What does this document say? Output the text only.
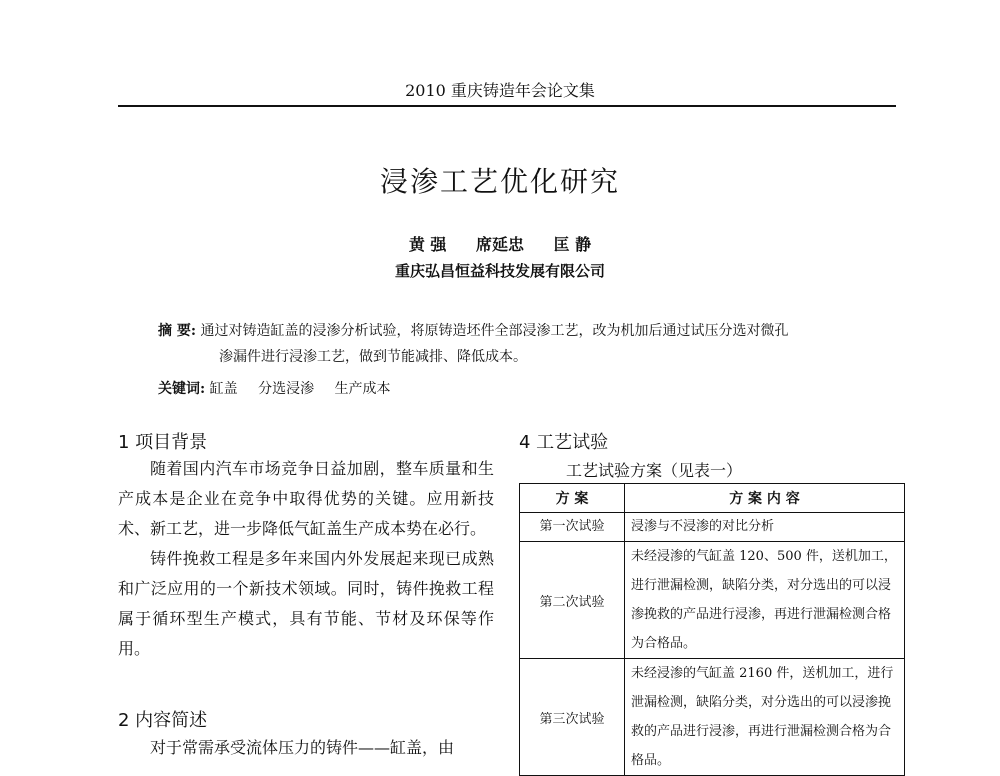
2010 重庆铸造年会论文集
浸渗工艺优化研究
黄 强 席延忠 匡 静
重庆弘昌恒益科技发展有限公司
摘 要: 通过对铸造缸盖的浸渗分析试验，将原铸造坯件全部浸渗工艺，改为机加后通过试压分选对微孔
渗漏件进行浸渗工艺，做到节能减排、降低成本。
关键词: 缸盖 分选浸渗 生产成本
1 项目背景

随着国内汽车市场竞争日益加剧，整车质量和生产成本是企业在竞争中取得优势的关键。应用新技术、新工艺，进一步降低气缸盖生产成本势在必行。

铸件挽救工程是多年来国内外发展起来现已成熟和广泛应用的一个新技术领域。同时，铸件挽救工程属于循环型生产模式，具有节能、节材及环保等作用。

2 内容简述

对于常需承受流体压力的铸件——缸盖，由

4 工艺试验
工艺试验方案（见表一）
方 案	方 案 内 容
第一次试验	浸渗与不浸渗的对比分析
第二次试验	未经浸渗的气缸盖 120、500 件，送机加工，进行泄漏检测，缺陷分类，对分选出的可以浸渗挽救的产品进行浸渗，再进行泄漏检测合格为合格品。
第三次试验	未经浸渗的气缸盖 2160 件，送机加工，进行泄漏检测，缺陷分类，对分选出的可以浸渗挽救的产品进行浸渗，再进行泄漏检测合格为合格品。
